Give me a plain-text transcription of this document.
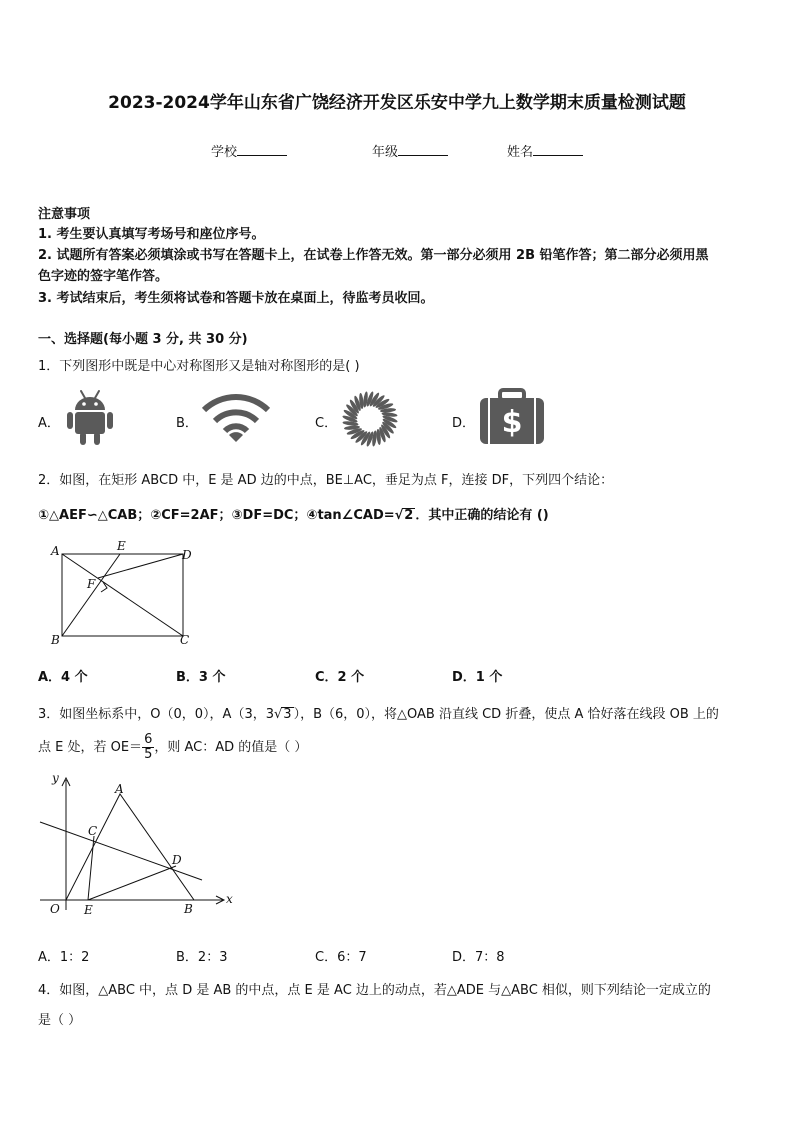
2023-2024学年山东省广饶经济开发区乐安中学九上数学期末质量检测试题
学校	年级	姓名
注意事项
1. 考生要认真填写考场号和座位序号。
2. 试题所有答案必须填涂或书写在答题卡上，在试卷上作答无效。第一部分必须用 2B 铅笔作答；第二部分必须用黑
色字迹的签字笔作答。
3. 考试结束后，考生须将试卷和答题卡放在桌面上，待监考员收回。
一、选择题(每小题 3 分, 共 30 分)
1．下列图形中既是中心对称图形又是轴对称图形的是( )
A．	B．	C．	D． $
2．如图，在矩形 ABCD 中，E 是 AD 边的中点，BE⊥AC，垂足为点 F，连接 DF，下列四个结论：
①△AEF∽△CAB；②CF=2AF；③DF=DC；④tan∠CAD=√2 ．其中正确的结论有 ()
A	E
D
F
B	C
A．4 个	B．3 个	C．2 个	D．1 个
3．如图坐标系中，O（0，0），A（3，3√3 ），B（6，0），将△OAB 沿直线 CD 折叠，使点 A 恰好落在线段 OB 上的
点 E 处，若 $OE= \frac{6}{5}$ ，则 AC：AD 的值是（ ）
y
x
O
A
C
D
E	B
A．1：2	B．2：3	C．6：7	D．7：8
4．如图，△ABC 中，点 D 是 AB 的中点，点 E 是 AC 边上的动点，若△ADE 与△ABC 相似，则下列结论一定成立的
是（ ）
